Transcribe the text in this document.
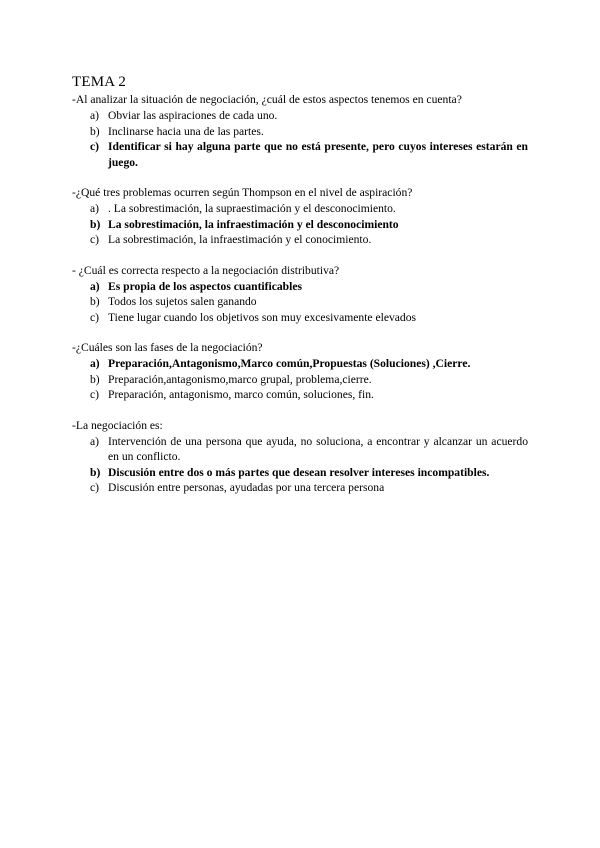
TEMA 2

-Al analizar la situación de negociación, ¿cuál de estos aspectos tenemos en cuenta?

a) Obviar las aspiraciones de cada uno.
b) Inclinarse hacia una de las partes.
c) Identificar si hay alguna parte que no está presente, pero cuyos intereses estarán en juego.

-¿Qué tres problemas ocurren según Thompson en el nivel de aspiración?

a) . La sobrestimación, la supraestimación y el desconocimiento.
b) La sobrestimación, la infraestimación y el desconocimiento
c) La sobrestimación, la infraestimación y el conocimiento.

- ¿Cuál es correcta respecto a la negociación distributiva?

a) Es propia de los aspectos cuantificables
b) Todos los sujetos salen ganando
c) Tiene lugar cuando los objetivos son muy excesivamente elevados

-¿Cuáles son las fases de la negociación?

a) Preparación,Antagonismo,Marco común,Propuestas (Soluciones) ,Cierre.
b) Preparación,antagonismo,marco grupal, problema,cierre.
c) Preparación, antagonismo, marco común, soluciones, fin.

-La negociación es:

a) Intervención de una persona que ayuda, no soluciona, a encontrar y alcanzar un acuerdo en un conflicto.
b) Discusión entre dos o más partes que desean resolver intereses incompatibles.
c) Discusión entre personas, ayudadas por una tercera persona
